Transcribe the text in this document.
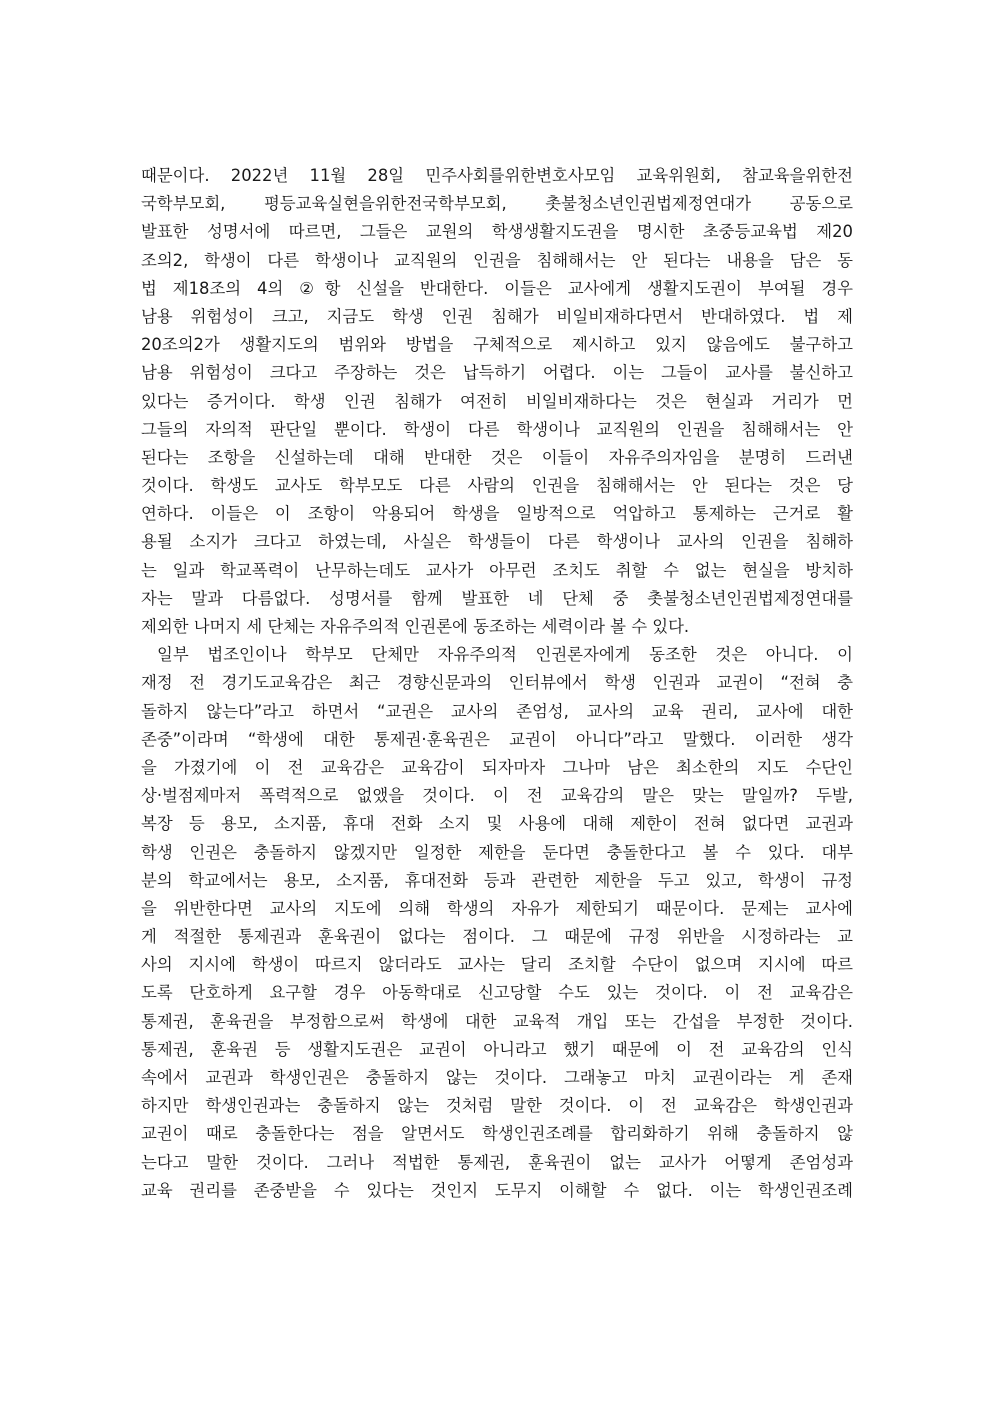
때문이다. 2022년 11월 28일 민주사회를위한변호사모임 교육위원회, 참교육을위한전
국학부모회, 평등교육실현을위한전국학부모회, 촛불청소년인권법제정연대가 공동으로
발표한 성명서에 따르면, 그들은 교원의 학생생활지도권을 명시한 초중등교육법 제20
조의2, 학생이 다른 학생이나 교직원의 인권을 침해해서는 안 된다는 내용을 담은 동
법 제18조의 4의 ②항 신설을 반대한다. 이들은 교사에게 생활지도권이 부여될 경우
남용 위험성이 크고, 지금도 학생 인권 침해가 비일비재하다면서 반대하였다. 법 제
20조의2가 생활지도의 범위와 방법을 구체적으로 제시하고 있지 않음에도 불구하고
남용 위험성이 크다고 주장하는 것은 납득하기 어렵다. 이는 그들이 교사를 불신하고
있다는 증거이다. 학생 인권 침해가 여전히 비일비재하다는 것은 현실과 거리가 먼
그들의 자의적 판단일 뿐이다. 학생이 다른 학생이나 교직원의 인권을 침해해서는 안
된다는 조항을 신설하는데 대해 반대한 것은 이들이 자유주의자임을 분명히 드러낸
것이다. 학생도 교사도 학부모도 다른 사람의 인권을 침해해서는 안 된다는 것은 당
연하다. 이들은 이 조항이 악용되어 학생을 일방적으로 억압하고 통제하는 근거로 활
용될 소지가 크다고 하였는데, 사실은 학생들이 다른 학생이나 교사의 인권을 침해하
는 일과 학교폭력이 난무하는데도 교사가 아무런 조치도 취할 수 없는 현실을 방치하
자는 말과 다름없다. 성명서를 함께 발표한 네 단체 중 촛불청소년인권법제정연대를
제외한 나머지 세 단체는 자유주의적 인권론에 동조하는 세력이라 볼 수 있다.
일부 법조인이나 학부모 단체만 자유주의적 인권론자에게 동조한 것은 아니다. 이
재정 전 경기도교육감은 최근 경향신문과의 인터뷰에서 학생 인권과 교권이 “전혀 충
돌하지 않는다”라고 하면서 “교권은 교사의 존엄성, 교사의 교육 권리, 교사에 대한
존중”이라며 “학생에 대한 통제권·훈육권은 교권이 아니다”라고 말했다. 이러한 생각
을 가졌기에 이 전 교육감은 교육감이 되자마자 그나마 남은 최소한의 지도 수단인
상·벌점제마저 폭력적으로 없앴을 것이다. 이 전 교육감의 말은 맞는 말일까? 두발,
복장 등 용모, 소지품, 휴대 전화 소지 및 사용에 대해 제한이 전혀 없다면 교권과
학생 인권은 충돌하지 않겠지만 일정한 제한을 둔다면 충돌한다고 볼 수 있다. 대부
분의 학교에서는 용모, 소지품, 휴대전화 등과 관련한 제한을 두고 있고, 학생이 규정
을 위반한다면 교사의 지도에 의해 학생의 자유가 제한되기 때문이다. 문제는 교사에
게 적절한 통제권과 훈육권이 없다는 점이다. 그 때문에 규정 위반을 시정하라는 교
사의 지시에 학생이 따르지 않더라도 교사는 달리 조치할 수단이 없으며 지시에 따르
도록 단호하게 요구할 경우 아동학대로 신고당할 수도 있는 것이다. 이 전 교육감은
통제권, 훈육권을 부정함으로써 학생에 대한 교육적 개입 또는 간섭을 부정한 것이다.
통제권, 훈육권 등 생활지도권은 교권이 아니라고 했기 때문에 이 전 교육감의 인식
속에서 교권과 학생인권은 충돌하지 않는 것이다. 그래놓고 마치 교권이라는 게 존재
하지만 학생인권과는 충돌하지 않는 것처럼 말한 것이다. 이 전 교육감은 학생인권과
교권이 때로 충돌한다는 점을 알면서도 학생인권조례를 합리화하기 위해 충돌하지 않
는다고 말한 것이다. 그러나 적법한 통제권, 훈육권이 없는 교사가 어떻게 존엄성과
교육 권리를 존중받을 수 있다는 것인지 도무지 이해할 수 없다. 이는 학생인권조례
